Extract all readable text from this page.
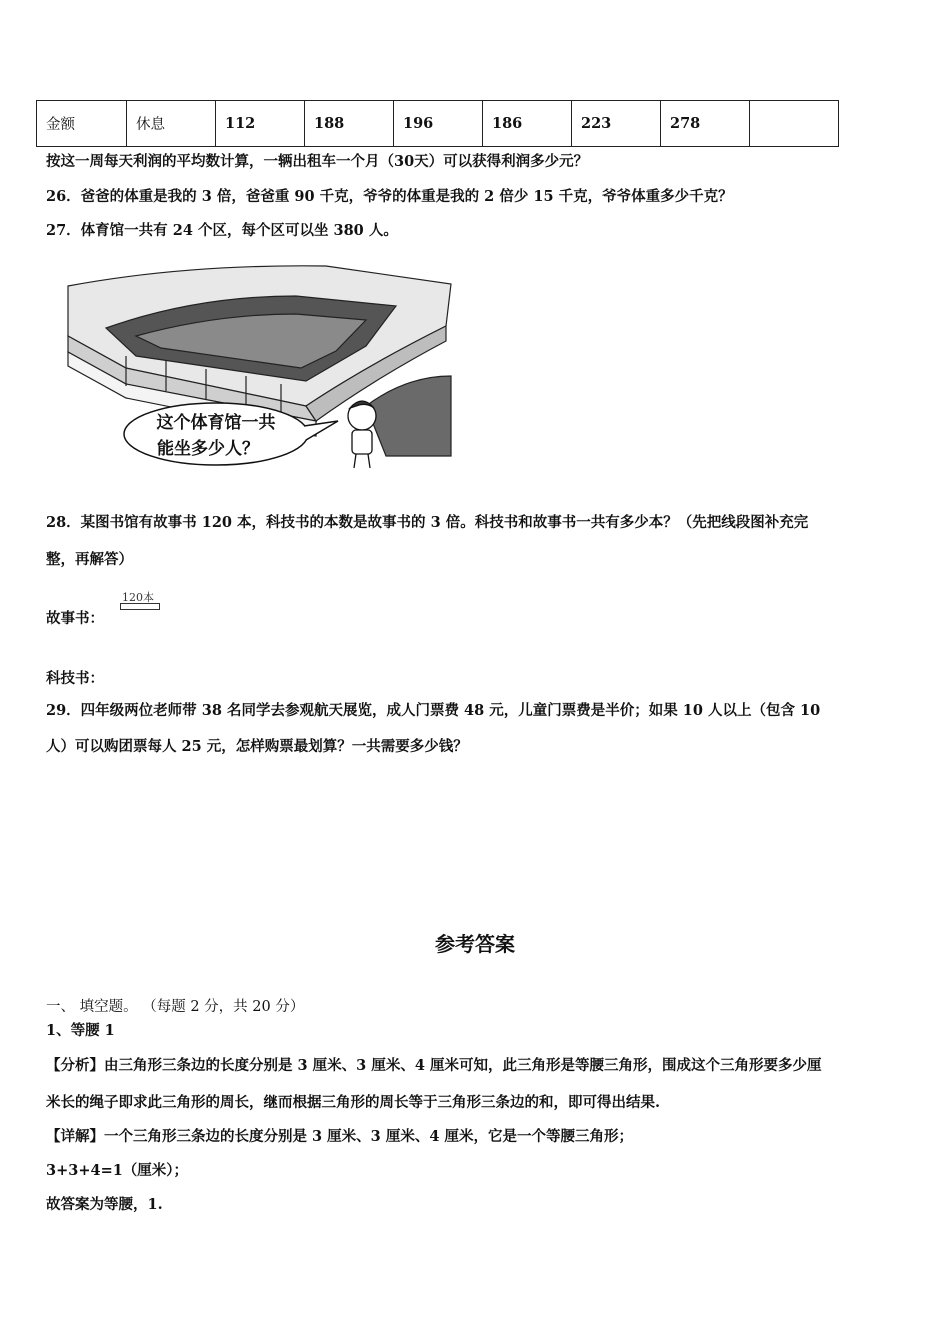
金额	休息	112	188	196	186	223	278	
按这一周每天利润的平均数计算，一辆出租车一个月（30天）可以获得利润多少元？
26．爸爸的体重是我的 3 倍，爸爸重 90 千克，爷爷的体重是我的 2 倍少 15 千克，爷爷体重多少千克？
27．体育馆一共有 24 个区，每个区可以坐 380 人。
这个体育馆一共
能坐多少人？
28．某图书馆有故事书 120 本，科技书的本数是故事书的 3 倍。科技书和故事书一共有多少本？（先把线段图补充完
整，再解答）
故事书：
120本
科技书：
29．四年级两位老师带 38 名同学去参观航天展览，成人门票费 48 元，儿童门票费是半价；如果 10 人以上（包含 10
人）可以购团票每人 25 元，怎样购票最划算？一共需要多少钱？
参考答案
一、 填空题。 （每题 2 分，共 20 分）
1、等腰 1
【分析】由三角形三条边的长度分别是 3 厘米、3 厘米、4 厘米可知，此三角形是等腰三角形，围成这个三角形要多少厘
米长的绳子即求此三角形的周长，继而根据三角形的周长等于三角形三条边的和，即可得出结果.
【详解】一个三角形三条边的长度分别是 3 厘米、3 厘米、4 厘米，它是一个等腰三角形；
3+3+4=1（厘米）；
故答案为等腰，1.
